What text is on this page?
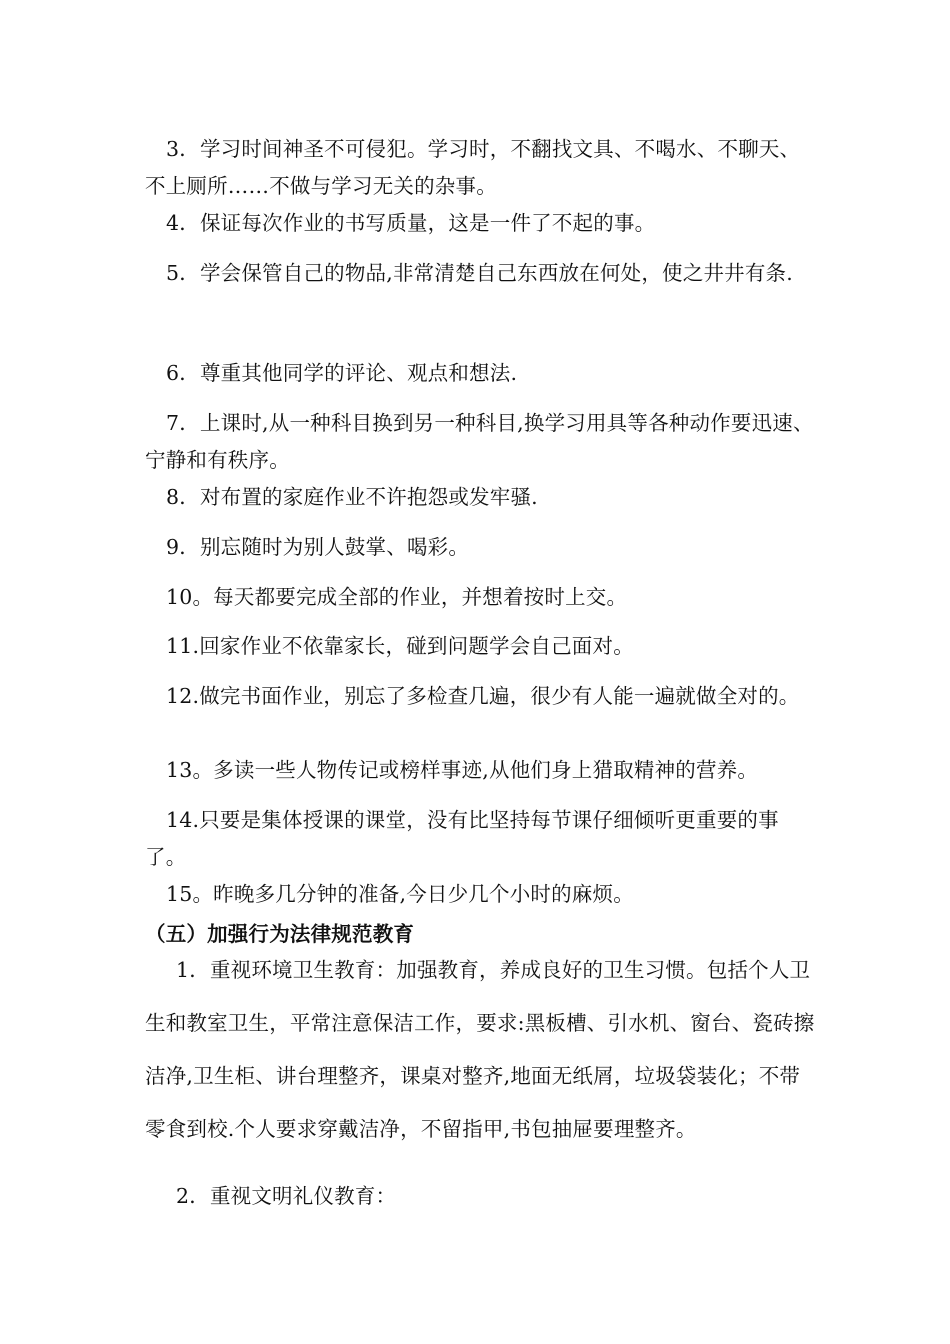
3．学习时间神圣不可侵犯。学习时，不翻找文具、不喝水、不聊天、不上厕所……不做与学习无关的杂事。
4．保证每次作业的书写质量，这是一件了不起的事。
5．学会保管自己的物品,非常清楚自己东西放在何处，使之井井有条.
6．尊重其他同学的评论、观点和想法.
7．上课时,从一种科目换到另一种科目,换学习用具等各种动作要迅速、宁静和有秩序。
8．对布置的家庭作业不许抱怨或发牢骚.
9．别忘随时为别人鼓掌、喝彩。
10。每天都要完成全部的作业，并想着按时上交。
11.回家作业不依靠家长，碰到问题学会自己面对。
12.做完书面作业，别忘了多检查几遍，很少有人能一遍就做全对的。
13。多读一些人物传记或榜样事迹,从他们身上猎取精神的营养。
14.只要是集体授课的课堂，没有比坚持每节课仔细倾听更重要的事了。
15。昨晚多几分钟的准备,今日少几个小时的麻烦。
（五）加强行为法律规范教育
1．重视环境卫生教育：加强教育，养成良好的卫生习惯。包括个人卫生和教室卫生，平常注意保洁工作，要求:黑板槽、引水机、窗台、瓷砖擦洁净,卫生柜、讲台理整齐，课桌对整齐,地面无纸屑，垃圾袋装化；不带零食到校.个人要求穿戴洁净，不留指甲,书包抽屉要理整齐。
2．重视文明礼仪教育：
